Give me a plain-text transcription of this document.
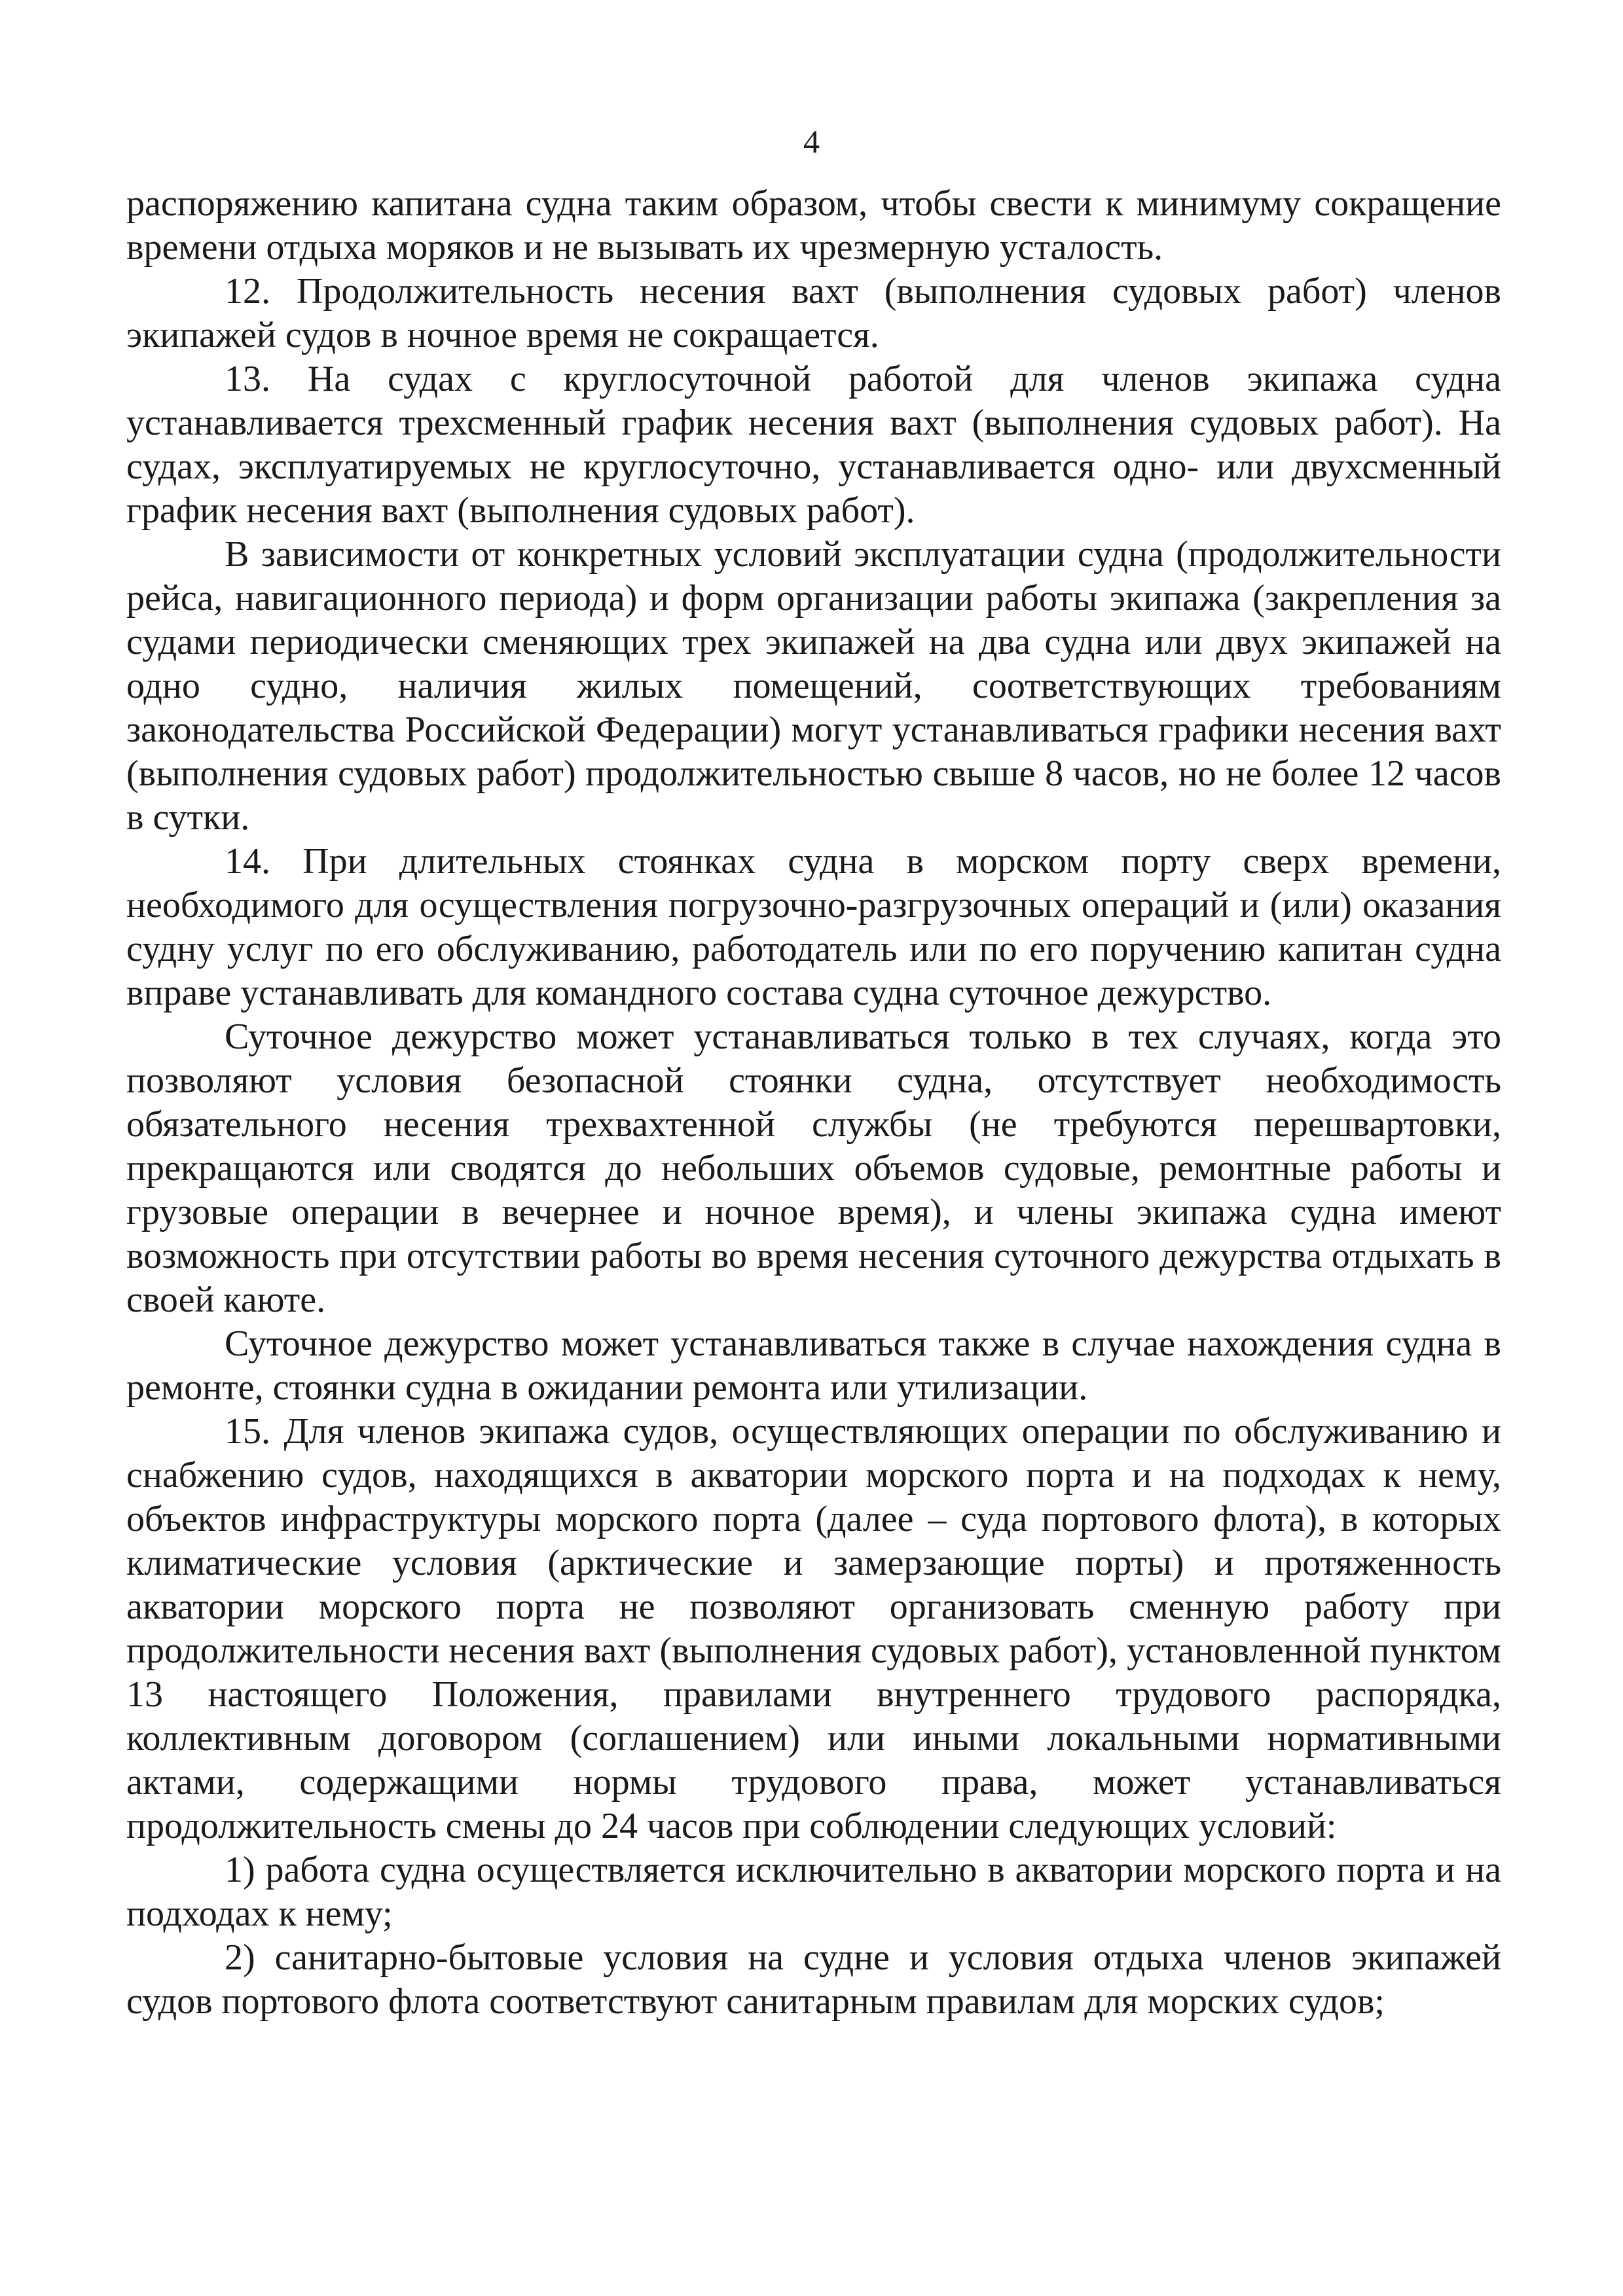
4

распоряжению капитана судна таким образом, чтобы свести к минимуму сокращение времени отдыха моряков и не вызывать их чрезмерную усталость.

12. Продолжительность несения вахт (выполнения судовых работ) членов экипажей судов в ночное время не сокращается.

13. На судах с круглосуточной работой для членов экипажа судна устанавливается трехсменный график несения вахт (выполнения судовых работ). На судах, эксплуатируемых не круглосуточно, устанавливается одно- или двухсменный график несения вахт (выполнения судовых работ).

В зависимости от конкретных условий эксплуатации судна (продолжительности рейса, навигационного периода) и форм организации работы экипажа (закрепления за судами периодически сменяющих трех экипажей на два судна или двух экипажей на одно судно, наличия жилых помещений, соответствующих требованиям законодательства Российской Федерации) могут устанавливаться графики несения вахт (выполнения судовых работ) продолжительностью свыше 8 часов, но не более 12 часов в сутки.

14. При длительных стоянках судна в морском порту сверх времени, необходимого для осуществления погрузочно-разгрузочных операций и (или) оказания судну услуг по его обслуживанию, работодатель или по его поручению капитан судна вправе устанавливать для командного состава судна суточное дежурство.

Суточное дежурство может устанавливаться только в тех случаях, когда это позволяют условия безопасной стоянки судна, отсутствует необходимость обязательного несения трехвахтенной службы (не требуются перешвартовки, прекращаются или сводятся до небольших объемов судовые, ремонтные работы и грузовые операции в вечернее и ночное время), и члены экипажа судна имеют возможность при отсутствии работы во время несения суточного дежурства отдыхать в своей каюте.

Суточное дежурство может устанавливаться также в случае нахождения судна в ремонте, стоянки судна в ожидании ремонта или утилизации.

15. Для членов экипажа судов, осуществляющих операции по обслуживанию и снабжению судов, находящихся в акватории морского порта и на подходах к нему, объектов инфраструктуры морского порта (далее – суда портового флота), в которых климатические условия (арктические и замерзающие порты) и протяженность акватории морского порта не позволяют организовать сменную работу при продолжительности несения вахт (выполнения судовых работ), установленной пунктом 13 настоящего Положения, правилами внутреннего трудового распорядка, коллективным договором (соглашением) или иными локальными нормативными актами, содержащими нормы трудового права, может устанавливаться продолжительность смены до 24 часов при соблюдении следующих условий:

1) работа судна осуществляется исключительно в акватории морского порта и на подходах к нему;

2) санитарно-бытовые условия на судне и условия отдыха членов экипажей судов портового флота соответствуют санитарным правилам для морских судов;
